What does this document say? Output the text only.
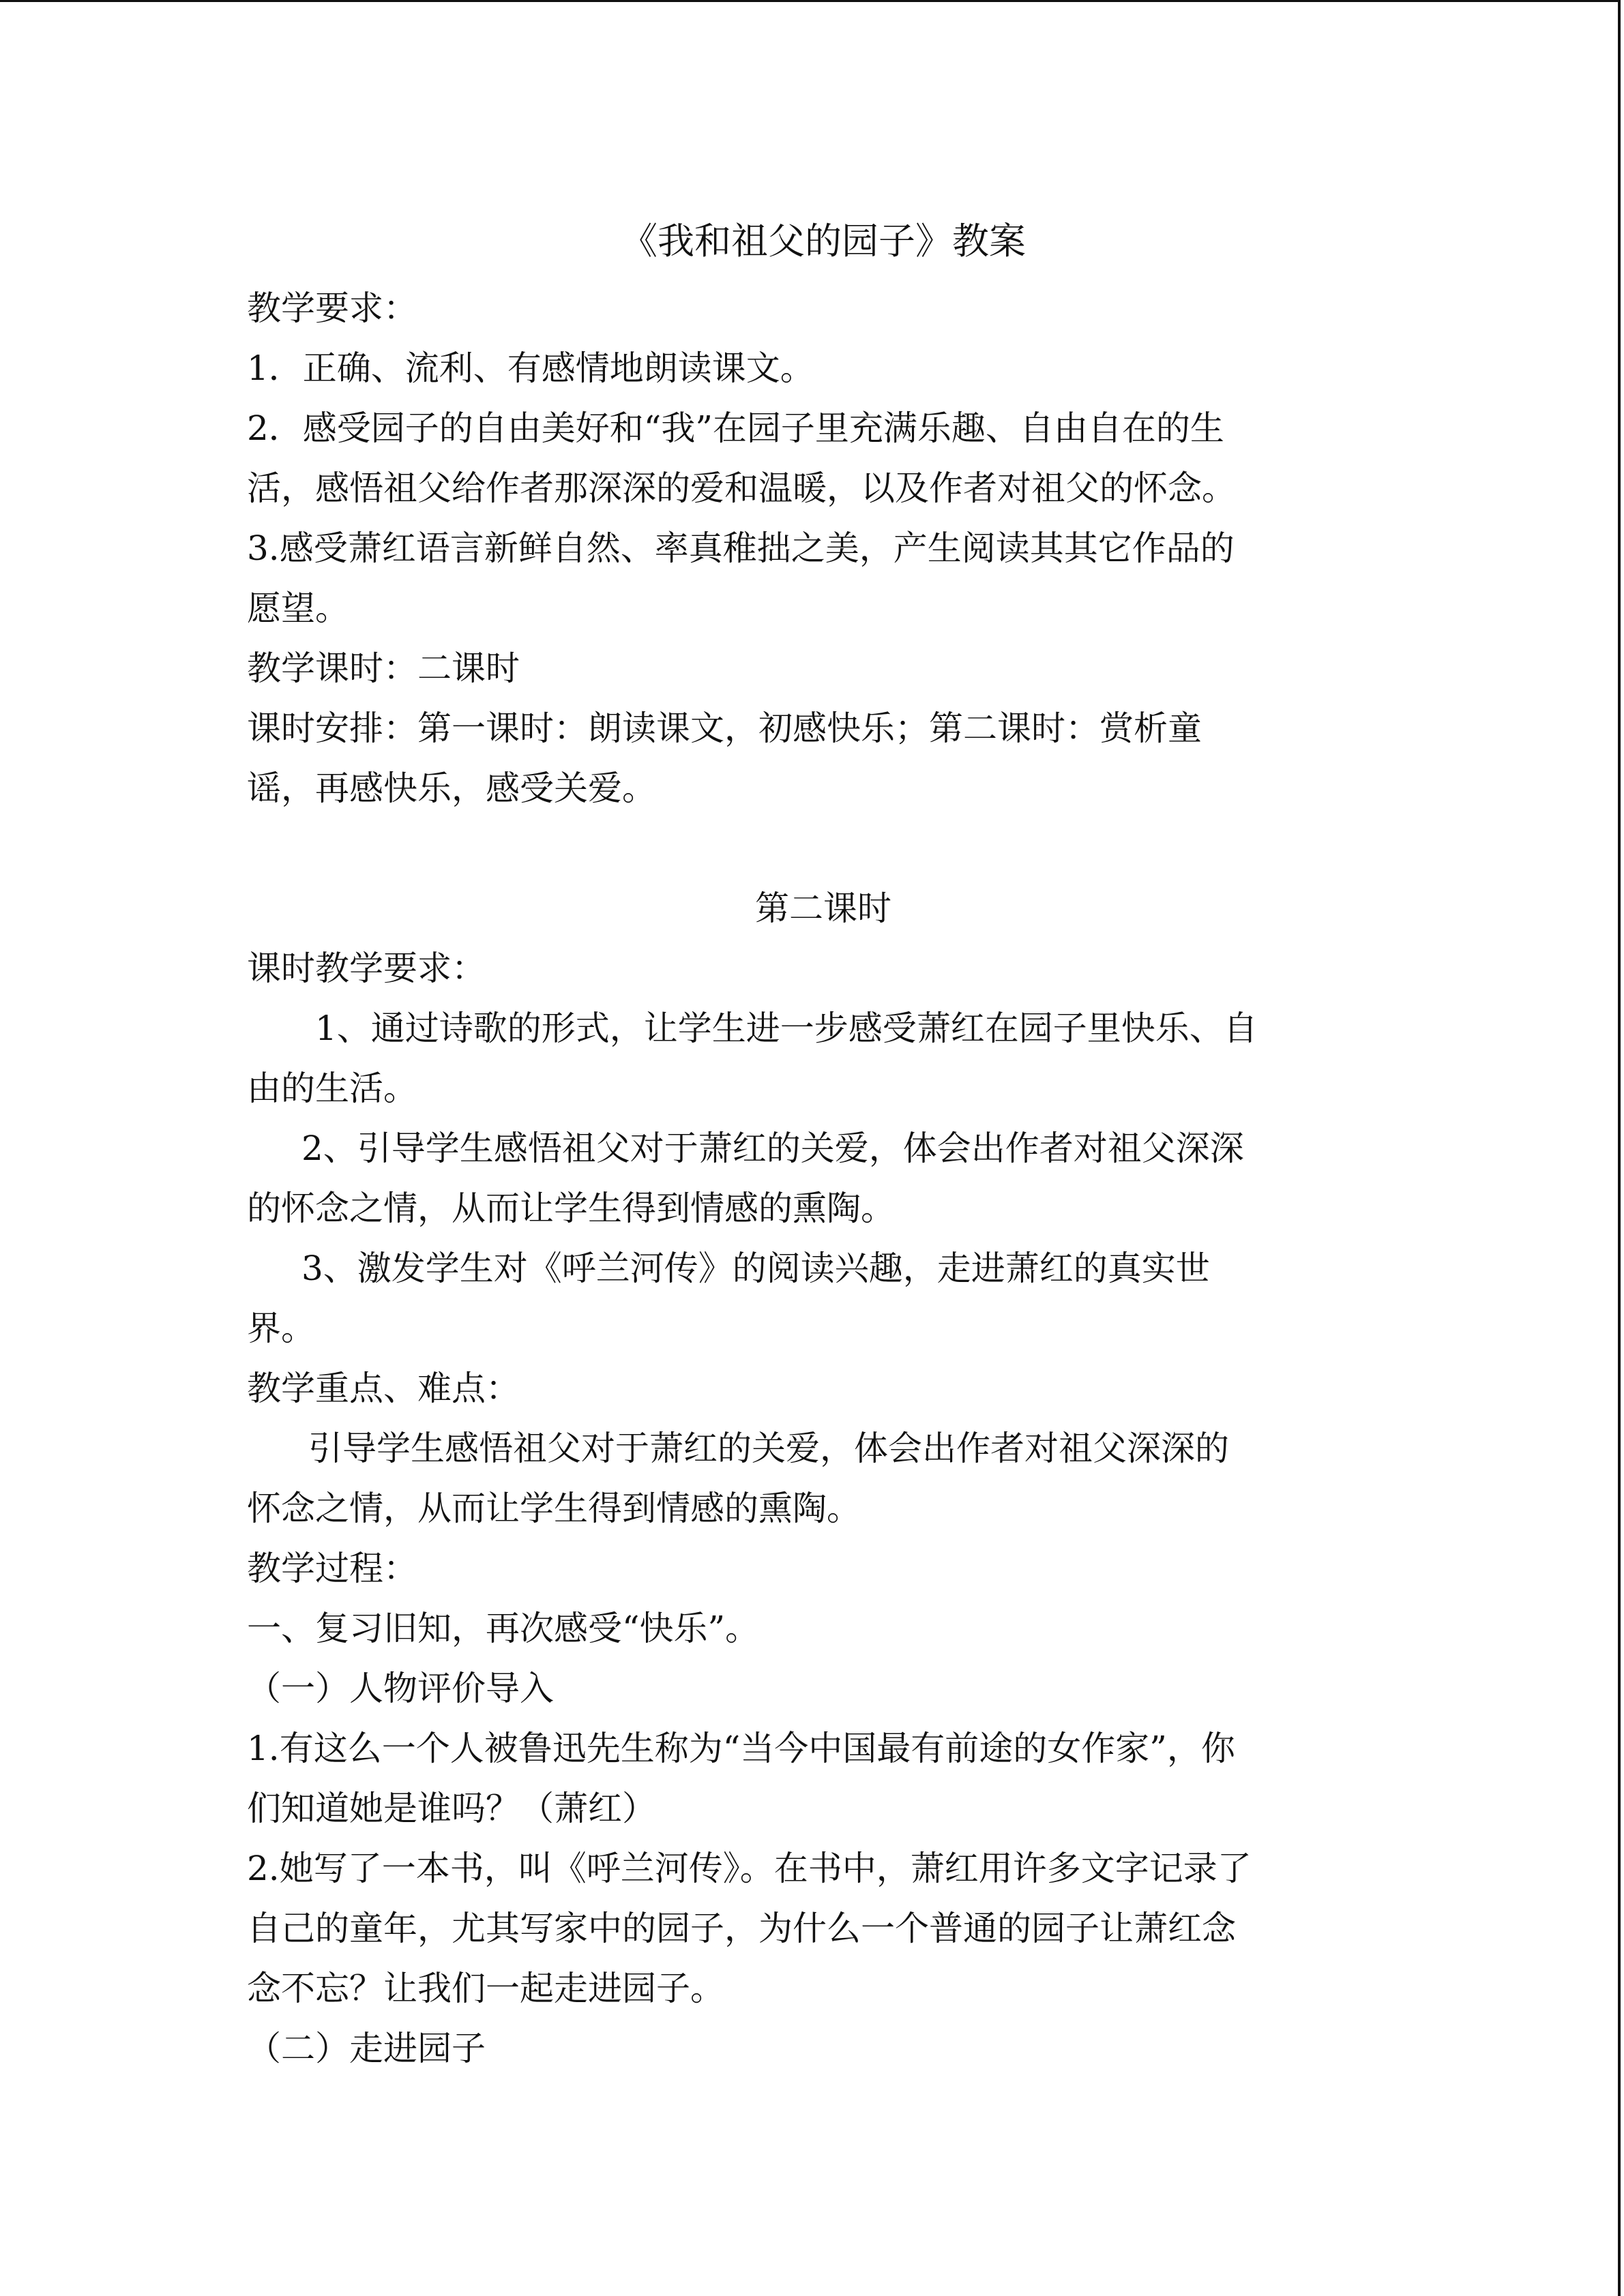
《我和祖父的园子》教案

教学要求：

1．正确、流利、有感情地朗读课文。

2．感受园子的自由美好和“我”在园子里充满乐趣、自由自在的生

活，感悟祖父给作者那深深的爱和温暖，以及作者对祖父的怀念。

3.感受萧红语言新鲜自然、率真稚拙之美，产生阅读其其它作品的

愿望。

教学课时：二课时

课时安排：第一课时：朗读课文，初感快乐；第二课时：赏析童

谣，再感快乐，感受关爱。

第二课时

课时教学要求：

1、通过诗歌的形式，让学生进一步感受萧红在园子里快乐、自

由的生活。

2、引导学生感悟祖父对于萧红的关爱，体会出作者对祖父深深

的怀念之情，从而让学生得到情感的熏陶。

3、激发学生对《呼兰河传》的阅读兴趣，走进萧红的真实世

界。

教学重点、难点：

引导学生感悟祖父对于萧红的关爱，体会出作者对祖父深深的

怀念之情，从而让学生得到情感的熏陶。

教学过程：

一、复习旧知，再次感受“快乐”。

（一）人物评价导入

1.有这么一个人被鲁迅先生称为“当今中国最有前途的女作家”，你

们知道她是谁吗？（萧红）

2.她写了一本书，叫《呼兰河传》。在书中，萧红用许多文字记录了

自己的童年，尤其写家中的园子，为什么一个普通的园子让萧红念

念不忘？让我们一起走进园子。

（二）走进园子
